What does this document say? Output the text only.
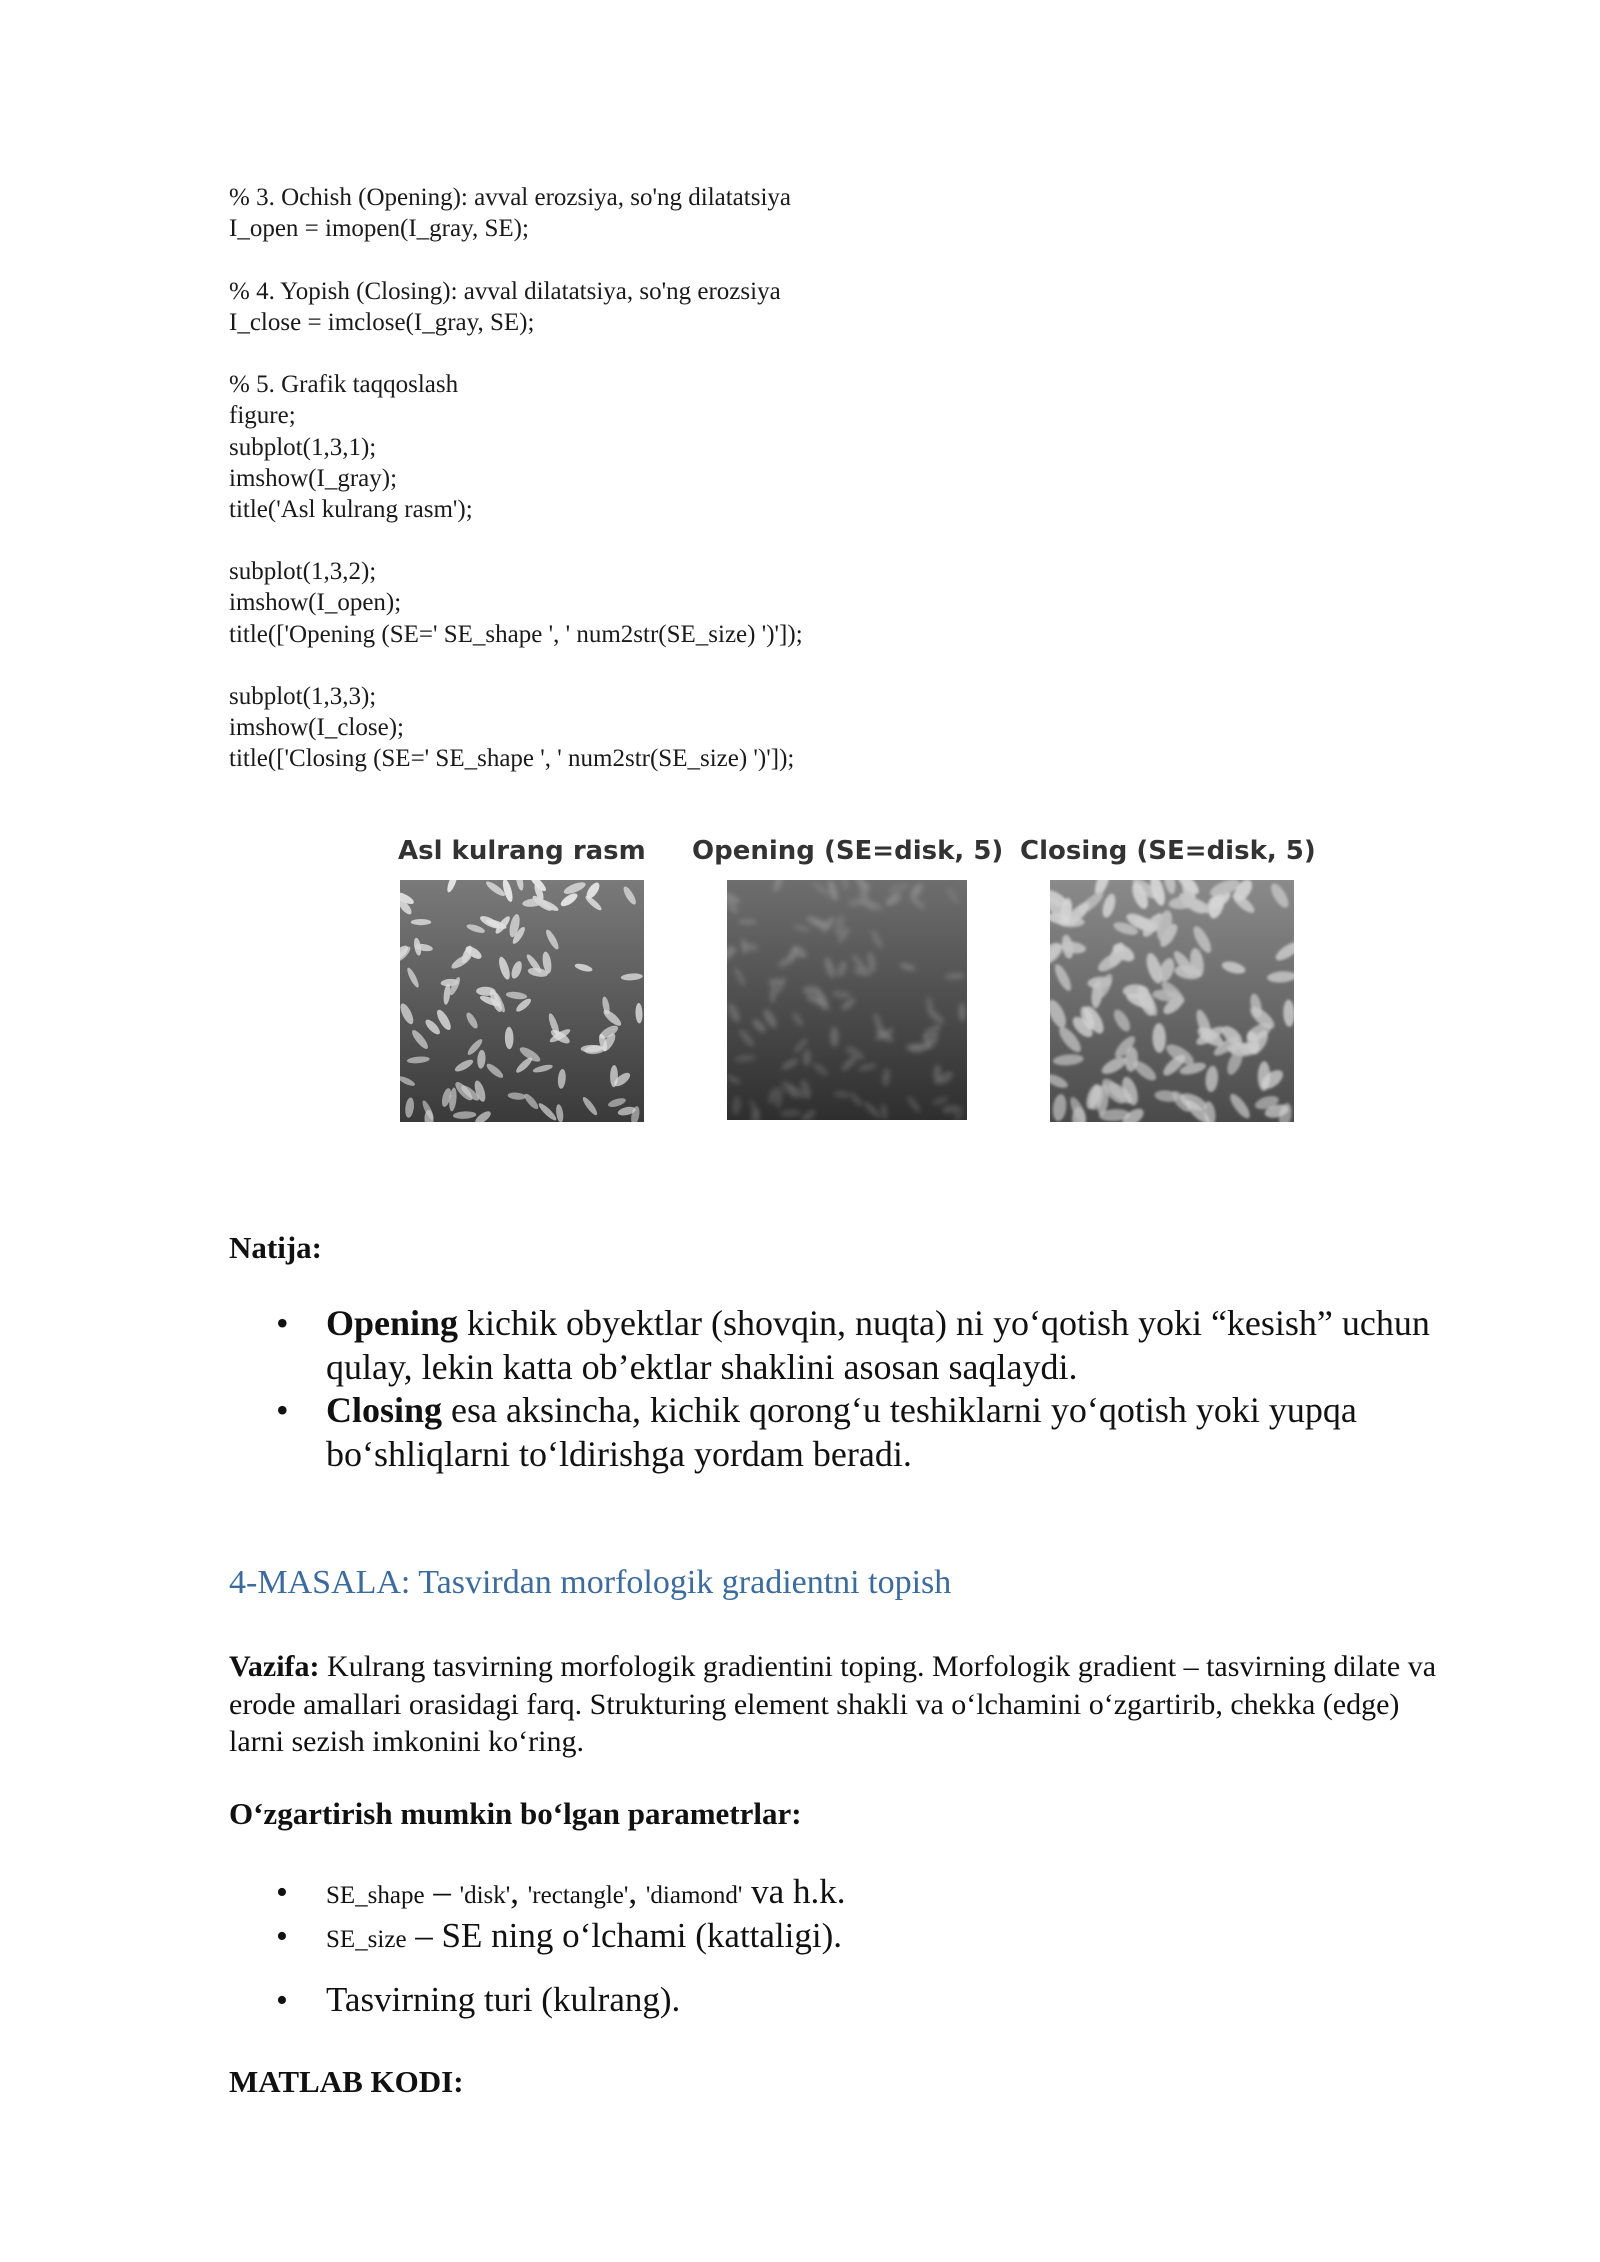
% 3. Ochish (Opening): avval erozsiya, so'ng dilatatsiya
I_open = imopen(I_gray, SE);
% 4. Yopish (Closing): avval dilatatsiya, so'ng erozsiya
I_close = imclose(I_gray, SE);
% 5. Grafik taqqoslash
figure;
subplot(1,3,1);
imshow(I_gray);
title('Asl kulrang rasm');
subplot(1,3,2);
imshow(I_open);
title(['Opening (SE=' SE_shape ', ' num2str(SE_size) ')']);
subplot(1,3,3);
imshow(I_close);
title(['Closing (SE=' SE_shape ', ' num2str(SE_size) ')']);
Asl kulrang rasm Opening (SE=disk, 5) Closing (SE=disk, 5)
Natija:
• Opening kichik obyektlar (shovqin, nuqta) ni yo‘qotish yoki “kesish” uchun qulay, lekin katta ob’ektlar shaklini asosan saqlaydi.
• Closing esa aksincha, kichik qorong‘u teshiklarni yo‘qotish yoki yupqa bo‘shliqlarni to‘ldirishga yordam beradi.
4-MASALA: Tasvirdan morfologik gradientni topish
Vazifa: Kulrang tasvirning morfologik gradientini toping. Morfologik gradient – tasvirning dilate va erode amallari orasidagi farq. Strukturing element shakli va o‘lchamini o‘zgartirib, chekka (edge) larni sezish imkonini ko‘ring.
O‘zgartirish mumkin bo‘lgan parametrlar:
• SE_shape – 'disk', 'rectangle', 'diamond' va h.k.
• SE_size – SE ning o‘lchami (kattaligi).
• Tasvirning turi (kulrang).
MATLAB KODI:
